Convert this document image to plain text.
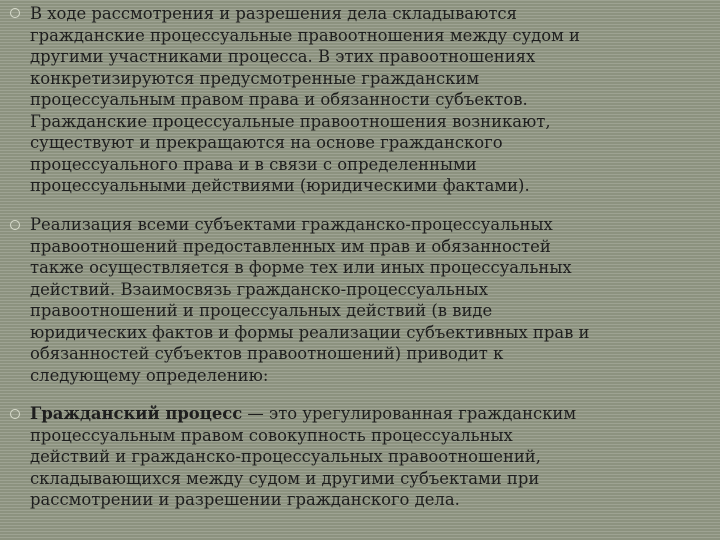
В ходе рассмотрения и разрешения дела складываются
гражданские процессуальные правоотношения между судом и
другими участниками процесса. В этих правоотношениях
конкретизируются предусмотренные гражданским
процессуальным правом права и обязанности субъектов.
Гражданские процессуальные правоотношения возникают,
существуют и прекращаются на основе гражданского
процессуального права и в связи с определенными
процессуальными действиями (юридическими фактами).

Реализация всеми субъектами гражданско-процессуальных
правоотношений предоставленных им прав и обязанностей
также осуществляется в форме тех или иных процессуальных
действий. Взаимосвязь гражданско-процессуальных
правоотношений и процессуальных действий (в виде
юридических фактов и формы реализации субъективных прав и
обязанностей субъектов правоотношений) приводит к
следующему определению:

Гражданский процесс — это урегулированная гражданским
процессуальным правом совокупность процессуальных
действий и гражданско-процессуальных правоотношений,
складывающихся между судом и другими субъектами при
рассмотрении и разрешении гражданского дела.
